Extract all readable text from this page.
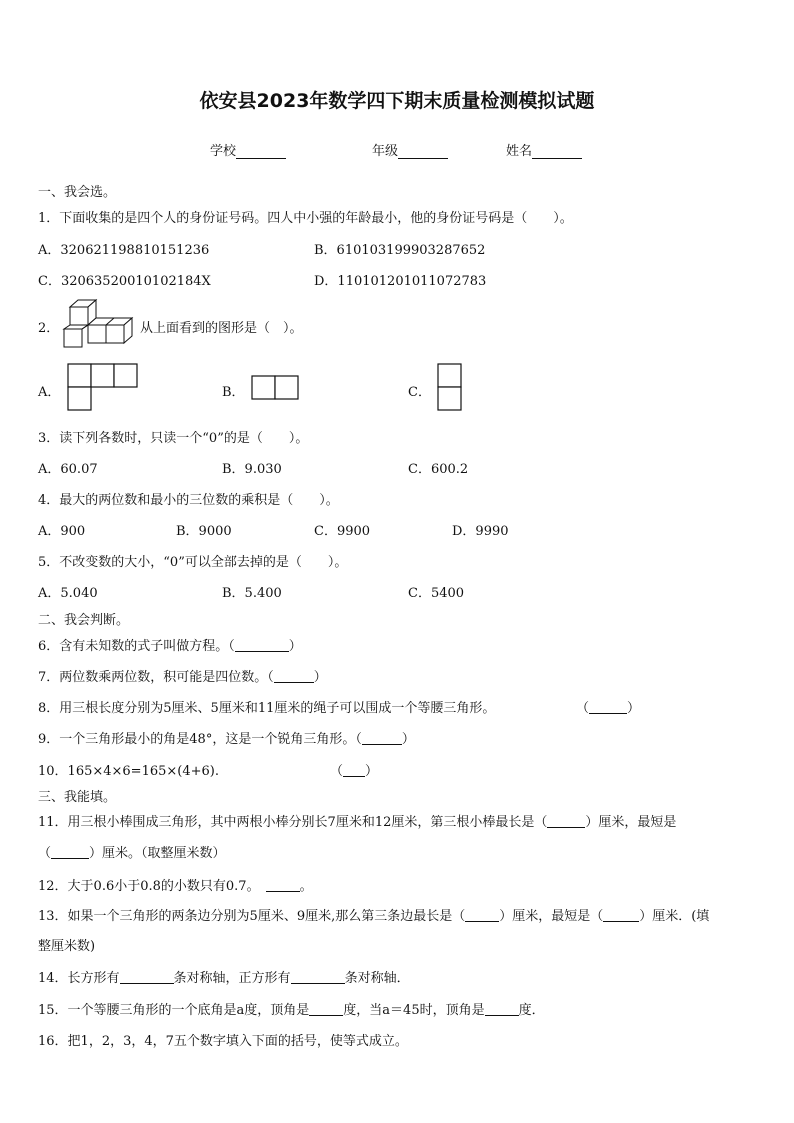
依安县2023年数学四下期末质量检测模拟试题
学校	年级	姓名
一、我会选。
1．下面收集的是四个人的身份证号码。四人中小强的年龄最小，他的身份证号码是（　　）。
A．320621198810151236	B．610103199903287652
C．32063520010102184X	D．110101201011072783
2．	从上面看到的图形是（　）。
A．	B．	C．
3．读下列各数时，只读一个“0”的是（　　）。
A．60.07	B．9.030	C．600.2
4．最大的两位数和最小的三位数的乘积是（　　）。
A．900	B．9000	C．9900	D．9990
5．不改变数的大小，“0”可以全部去掉的是（　　）。
A．5.040	B．5.400	C．5400
二、我会判断。
6．含有未知数的式子叫做方程。（	）
7．两位数乘两位数，积可能是四位数。（	）
8．用三根长度分别为5厘米、5厘米和11厘米的绳子可以围成一个等腰三角形。	（	）
9．一个三角形最小的角是48°，这是一个锐角三角形。（	）
10．165×4×6=165×(4+6).	（ ）
三、我能填。
11．用三根小棒围成三角形，其中两根小棒分别长7厘米和12厘米，第三根小棒最长是（	）厘米，最短是
（	）厘米。（取整厘米数）
12．大于0.6小于0.8的小数只有0.7。	。
13．如果一个三角形的两条边分别为5厘米、9厘米,那么第三条边最长是（	）厘米，最短是（	）厘米．(填
整厘米数)
14．长方形有	条对称轴，正方形有	条对称轴．
15．一个等腰三角形的一个底角是a度，顶角是	度，当a＝45时，顶角是	度．
16．把1，2，3，4，7五个数字填入下面的括号，使等式成立。
